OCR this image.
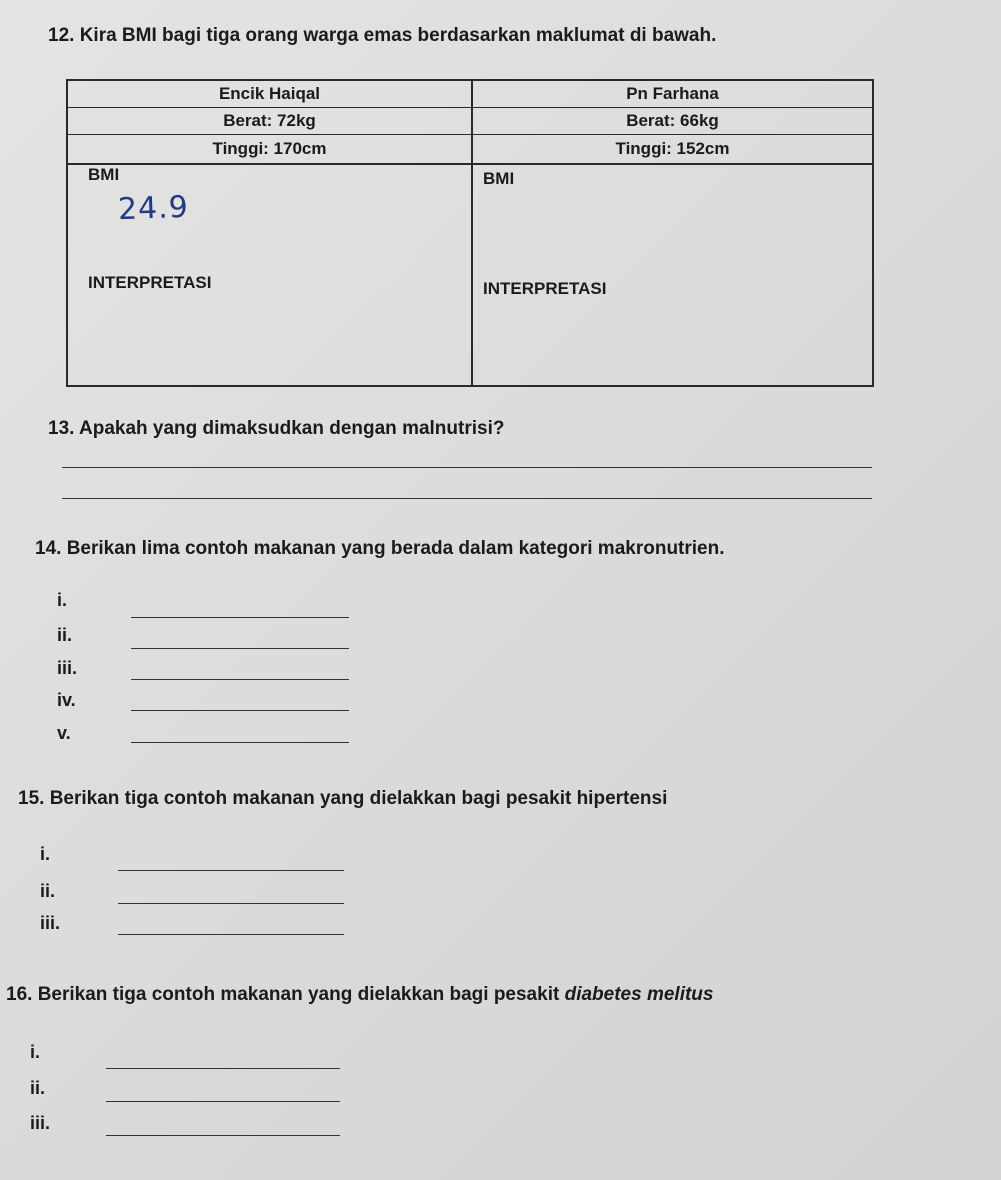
12. Kira BMI bagi tiga orang warga emas berdasarkan maklumat di bawah.
Encik Haiqal
Berat: 72kg
Tinggi: 170cm
Pn Farhana
Berat: 66kg
Tinggi: 152cm
BMI
24.9
INTERPRETASI
BMI
INTERPRETASI
13. Apakah yang dimaksudkan dengan malnutrisi?
14. Berikan lima contoh makanan yang berada dalam kategori makronutrien.
i.
ii.
iii.
iv.
v.
15. Berikan tiga contoh makanan yang dielakkan bagi pesakit hipertensi
i.
ii.
iii.
16. Berikan tiga contoh makanan yang dielakkan bagi pesakit diabetes melitus
i.
ii.
iii.
